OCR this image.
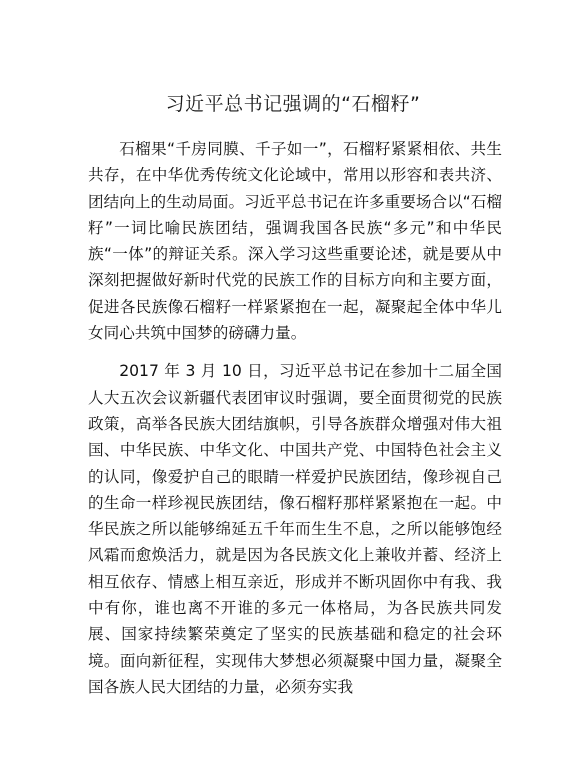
习近平总书记强调的“石榴籽”

石榴果“千房同膜、千子如一”，石榴籽紧紧相依、共生共存，在中华优秀传统文化论域中，常用以形容和表共济、团结向上的生动局面。习近平总书记在许多重要场合以“石榴籽”一词比喻民族团结，强调我国各民族“多元”和中华民族“一体”的辩证关系。深入学习这些重要论述，就是要从中深刻把握做好新时代党的民族工作的目标方向和主要方面，促进各民族像石榴籽一样紧紧抱在一起，凝聚起全体中华儿女同心共筑中国梦的磅礴力量。

2017 年 3 月 10 日，习近平总书记在参加十二届全国人大五次会议新疆代表团审议时强调，要全面贯彻党的民族政策，高举各民族大团结旗帜，引导各族群众增强对伟大祖国、中华民族、中华文化、中国共产党、中国特色社会主义的认同，像爱护自己的眼睛一样爱护民族团结，像珍视自己的生命一样珍视民族团结，像石榴籽那样紧紧抱在一起。中华民族之所以能够绵延五千年而生生不息，之所以能够饱经风霜而愈焕活力，就是因为各民族文化上兼收并蓄、经济上相互依存、情感上相互亲近，形成并不断巩固你中有我、我中有你，谁也离不开谁的多元一体格局，为各民族共同发展、国家持续繁荣奠定了坚实的民族基础和稳定的社会环境。面向新征程，实现伟大梦想必须凝聚中国力量，凝聚全国各族人民大团结的力量，必须夯实我
